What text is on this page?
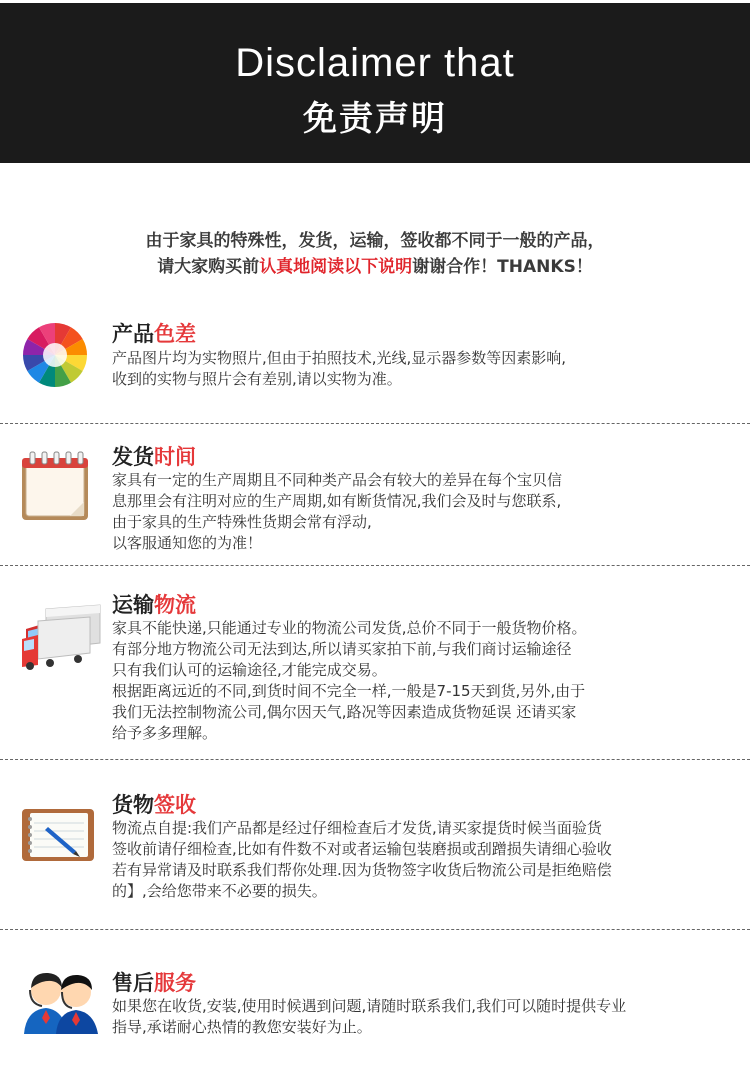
Disclaimer that
免责声明
由于家具的特殊性，发货，运输，签收都不同于一般的产品，
请大家购买前认真地阅读以下说明谢谢合作！THANKS！
产品色差
产品图片均为实物照片,但由于拍照技术,光线,显示器参数等因素影响,
收到的实物与照片会有差别,请以实物为准。
发货时间
家具有一定的生产周期且不同种类产品会有较大的差异在每个宝贝信
息那里会有注明对应的生产周期,如有断货情况,我们会及时与您联系,
由于家具的生产特殊性货期会常有浮动,
以客服通知您的为准！
运输物流
家具不能快递,只能通过专业的物流公司发货,总价不同于一般货物价格。
有部分地方物流公司无法到达,所以请买家拍下前,与我们商讨运输途径
只有我们认可的运输途径,才能完成交易。
根据距离远近的不同,到货时间不完全一样,一般是7-15天到货,另外,由于
我们无法控制物流公司,偶尔因天气,路况等因素造成货物延误 还请买家
给予多多理解。
货物签收
物流点自提:我们产品都是经过仔细检查后才发货,请买家提货时候当面验货
签收前请仔细检查,比如有件数不对或者运输包装磨损或刮蹭损失请细心验收
若有异常请及时联系我们帮你处理.因为货物签字收货后物流公司是拒绝赔偿
的】,会给您带来不必要的损失。
售后服务
如果您在收货,安装,使用时候遇到问题,请随时联系我们,我们可以随时提供专业
指导,承诺耐心热情的教您安装好为止。
